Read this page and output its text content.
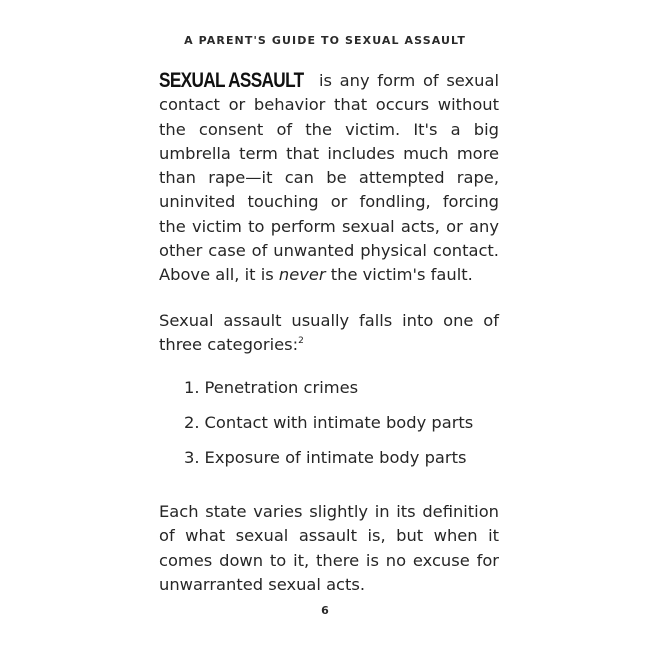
A PARENT'S GUIDE TO SEXUAL ASSAULT

SEXUAL ASSAULT is any form of sexual contact or behavior that occurs without the consent of the victim. It's a big umbrella term that includes much more than rape—it can be attempted rape, uninvited touching or fondling, forcing the victim to perform sexual acts, or any other case of unwanted physical contact. Above all, it is never the victim's fault.

Sexual assault usually falls into one of three categories:$^2$

1. Penetration crimes
2. Contact with intimate body parts
3. Exposure of intimate body parts

Each state varies slightly in its definition of what sexual assault is, but when it comes down to it, there is no excuse for unwarranted sexual acts.

6
